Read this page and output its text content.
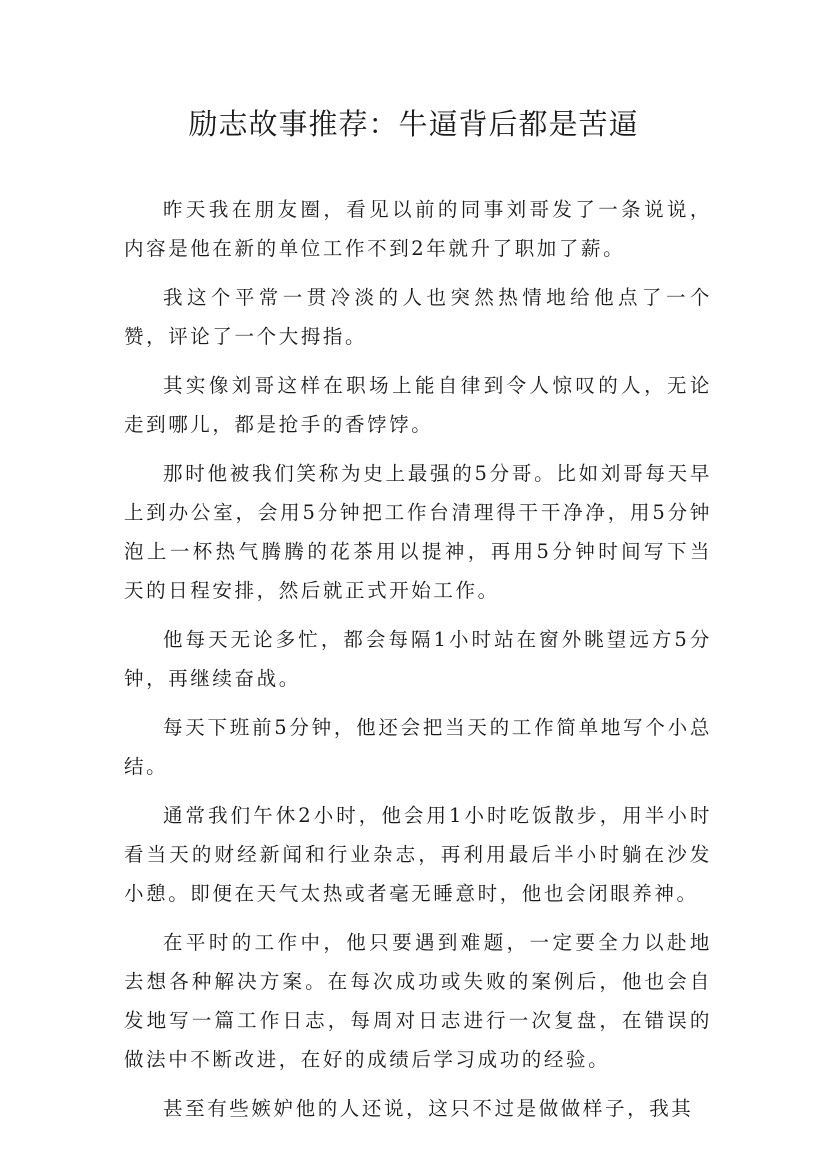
励志故事推荐：牛逼背后都是苦逼

昨天我在朋友圈，看见以前的同事刘哥发了一条说说，内容是他在新的单位工作不到2年就升了职加了薪。

我这个平常一贯冷淡的人也突然热情地给他点了一个赞，评论了一个大拇指。

其实像刘哥这样在职场上能自律到令人惊叹的人，无论走到哪儿，都是抢手的香饽饽。

那时他被我们笑称为史上最强的5分哥。比如刘哥每天早上到办公室，会用5分钟把工作台清理得干干净净，用5分钟泡上一杯热气腾腾的花茶用以提神，再用5分钟时间写下当天的日程安排，然后就正式开始工作。

他每天无论多忙，都会每隔1小时站在窗外眺望远方5分钟，再继续奋战。

每天下班前5分钟，他还会把当天的工作简单地写个小总结。

通常我们午休2小时，他会用1小时吃饭散步，用半小时看当天的财经新闻和行业杂志，再利用最后半小时躺在沙发小憩。即便在天气太热或者毫无睡意时，他也会闭眼养神。

在平时的工作中，他只要遇到难题，一定要全力以赴地去想各种解决方案。在每次成功或失败的案例后，他也会自发地写一篇工作日志，每周对日志进行一次复盘，在错误的做法中不断改进，在好的成绩后学习成功的经验。

甚至有些嫉妒他的人还说，这只不过是做做样子，我其
